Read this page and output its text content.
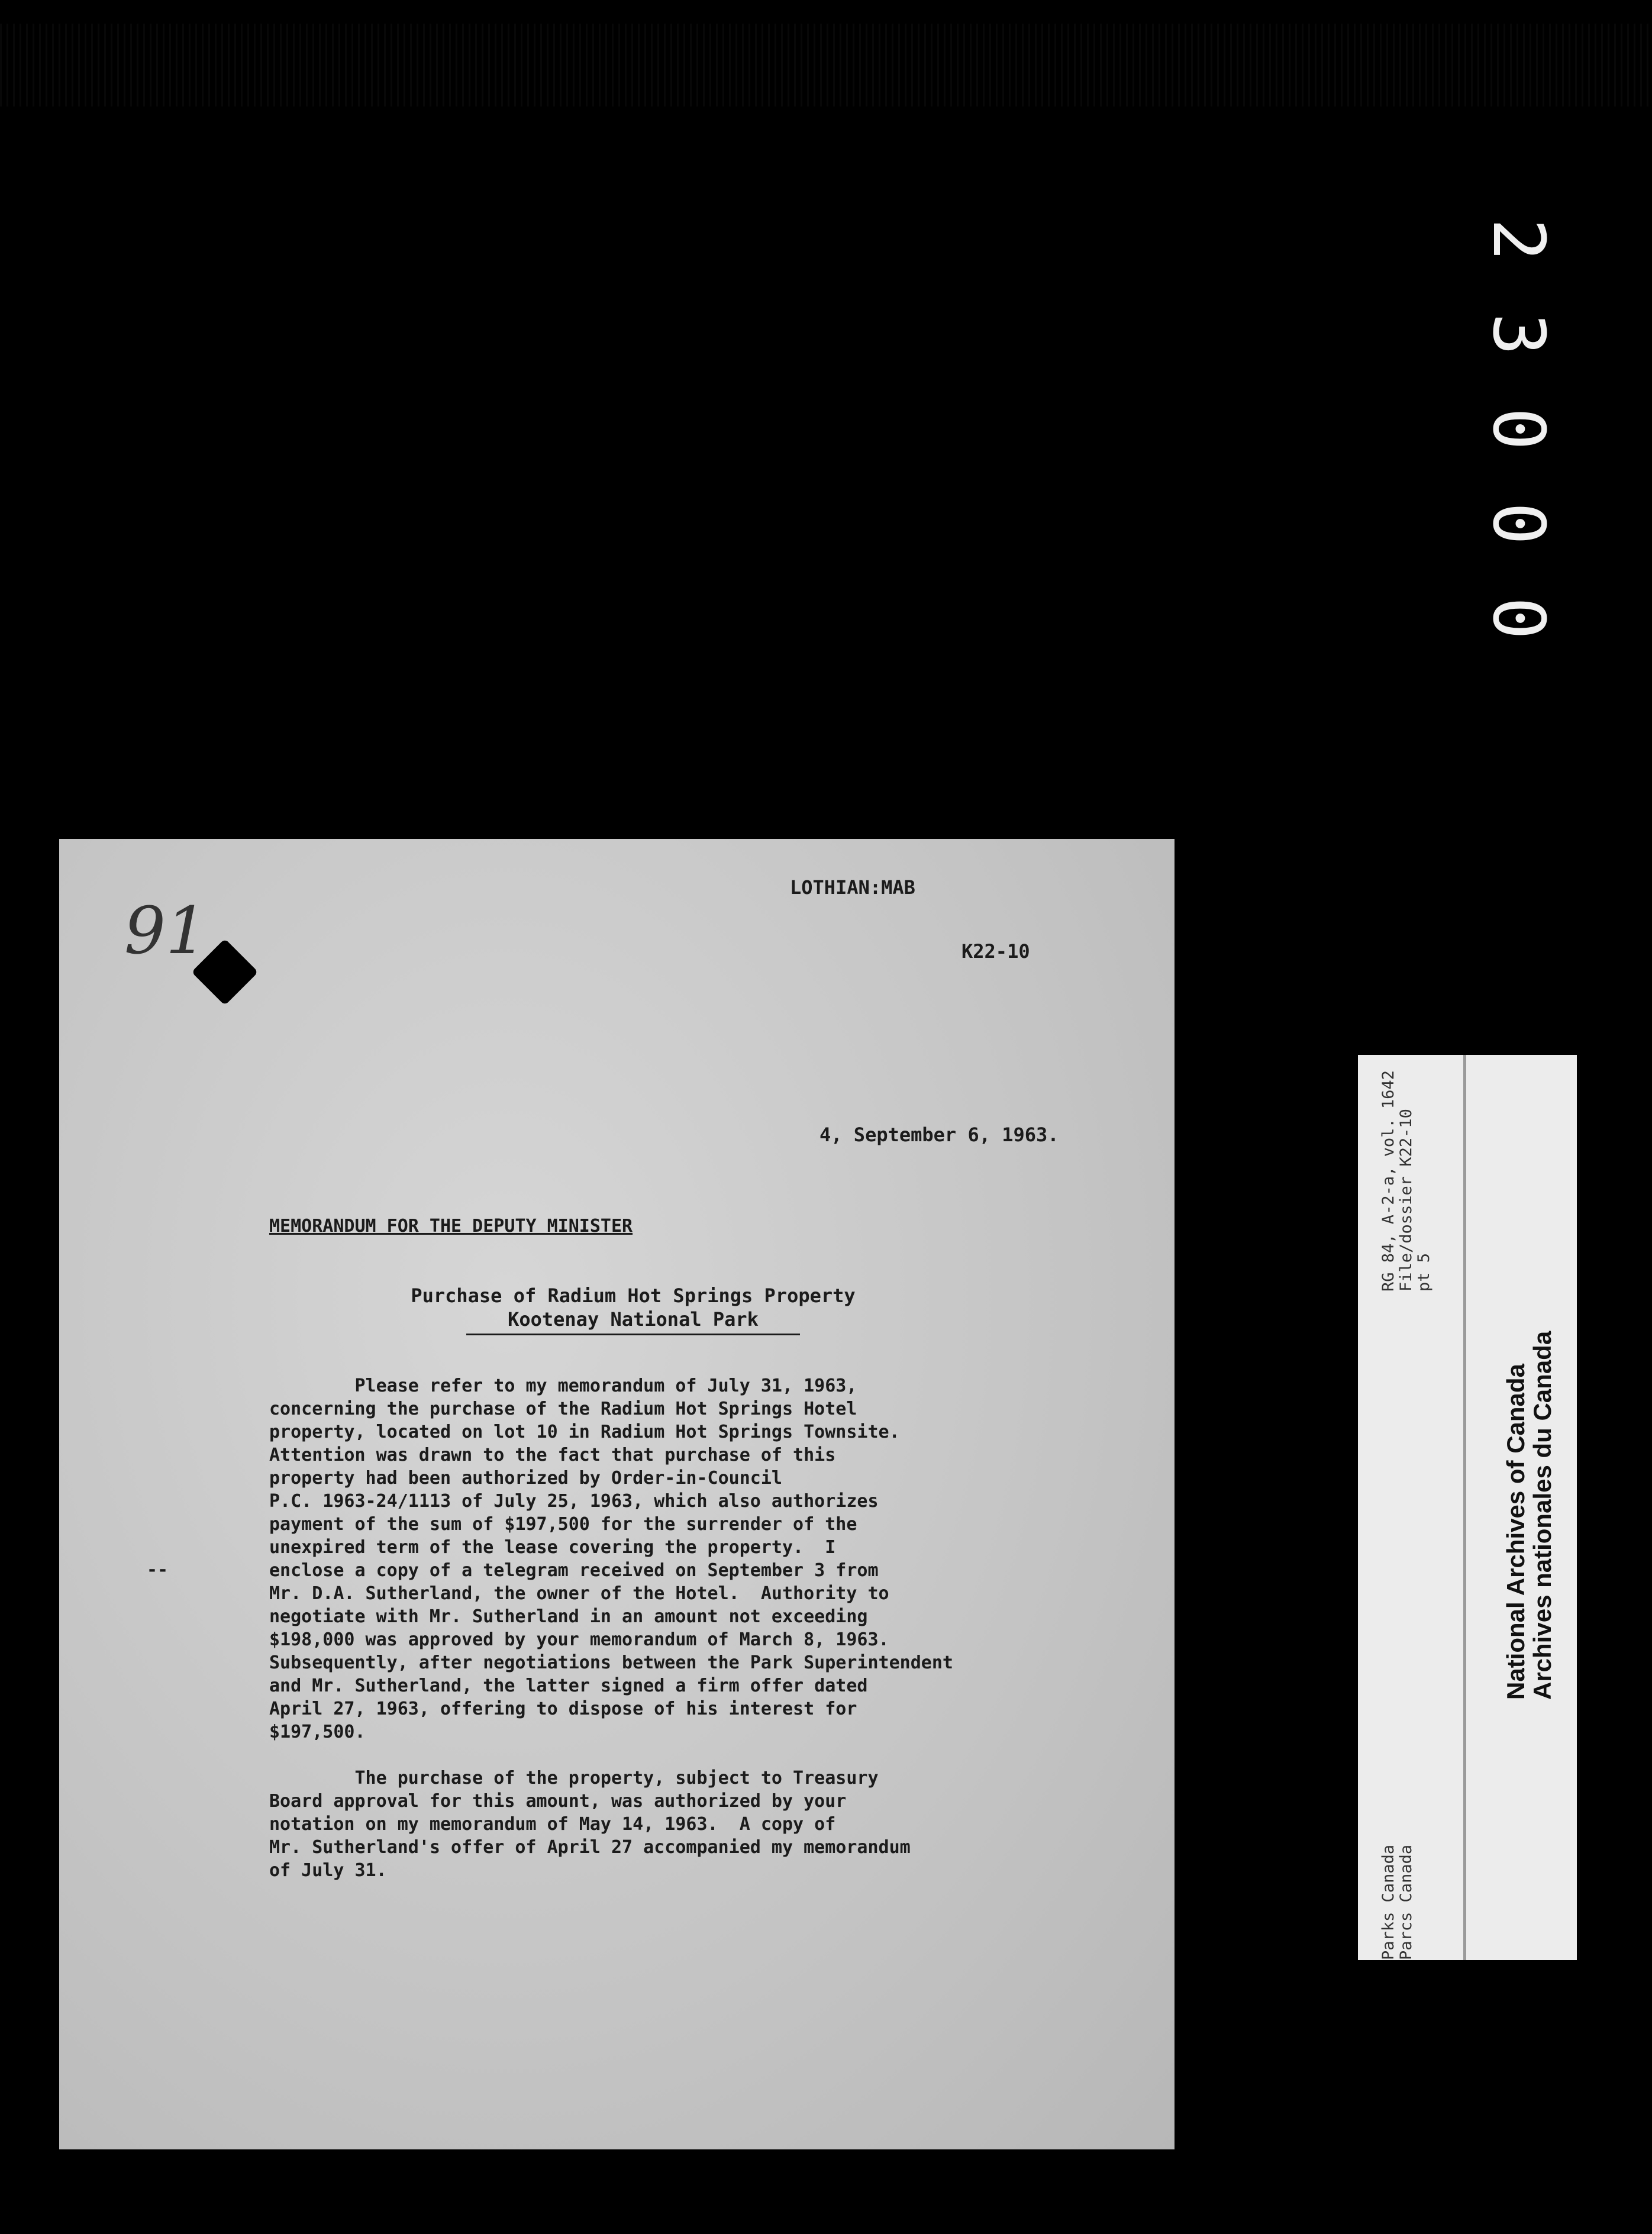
2
3
0
0
0
91
LOTHIAN:MAB
K22-10
4, September 6, 1963.
MEMORANDUM FOR THE DEPUTY MINISTER
Purchase of Radium Hot Springs Property
Kootenay National Park
--
Please refer to my memorandum of July 31, 1963,
concerning the purchase of the Radium Hot Springs Hotel
property, located on lot 10 in Radium Hot Springs Townsite.
Attention was drawn to the fact that purchase of this
property had been authorized by Order-in-Council
P.C. 1963-24/1113 of July 25, 1963, which also authorizes
payment of the sum of $197,500 for the surrender of the
unexpired term of the lease covering the property.  I
enclose a copy of a telegram received on September 3 from
Mr. D.A. Sutherland, the owner of the Hotel.  Authority to
negotiate with Mr. Sutherland in an amount not exceeding
$198,000 was approved by your memorandum of March 8, 1963.
Subsequently, after negotiations between the Park Superintendent
and Mr. Sutherland, the latter signed a firm offer dated
April 27, 1963, offering to dispose of his interest for
$197,500.
The purchase of the property, subject to Treasury
Board approval for this amount, was authorized by your
notation on my memorandum of May 14, 1963.  A copy of
Mr. Sutherland's offer of April 27 accompanied my memorandum
of July 31.	Parks Canada Parcs Canada
RG 84, A-2-a, vol. 1642 File/dossier K22-10 pt 5
National Archives of Canada
Archives nationales du Canada
